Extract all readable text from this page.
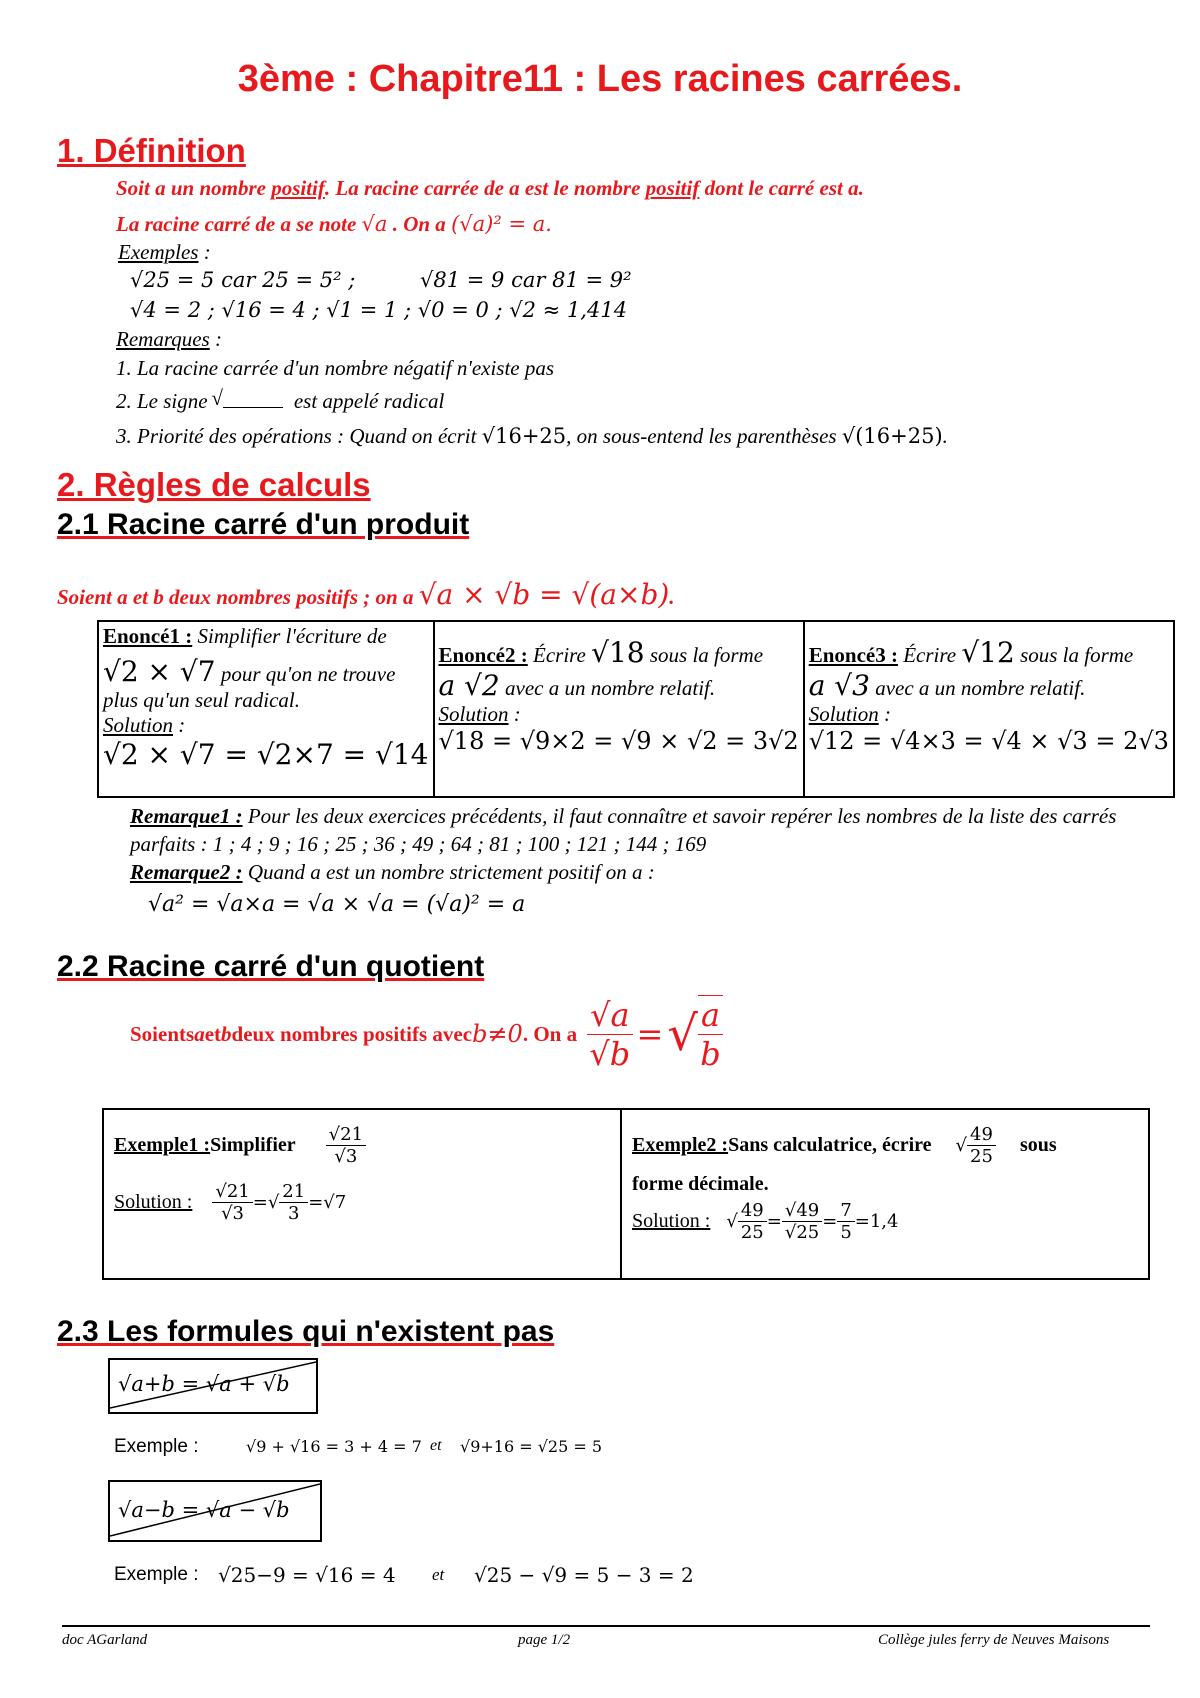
3ème : Chapitre11 : Les racines carrées.
1. Définition
Soit a un nombre positif. La racine carrée de a est le nombre positif dont le carré est a.
La racine carré de a se note √a . On a (√a)² = a.
Exemples :
√25 = 5 car 25 = 5² ;	√81 = 9 car 81 = 9²
√4 = 2 ; √16 = 4 ; √1 = 1 ; √0 = 0 ; √2 ≈ 1,414
Remarques :
1. La racine carrée d'un nombre négatif n'existe pas
2. Le signe √	est appelé radical
3. Priorité des opérations : Quand on écrit √16+25, on sous-entend les parenthèses √(16+25).
2. Règles de calculs
2.1 Racine carré d'un produit
Soient a et b deux nombres positifs ; on a √a × √b = √(a×b).
Enoncé1 : Simplifier l'écriture de
√2 × √7 pour qu'on ne trouve plus qu'un seul radical.
Solution :
√2 × √7 = √2×7 = √14

Enoncé2 : Écrire √18 sous la forme a √2 avec a un nombre relatif.
Solution :
√18 = √9×2 = √9 × √2 = 3√2

Enoncé3 : Écrire √12 sous la forme a √3 avec a un nombre relatif.
Solution :
√12 = √4×3 = √4 × √3 = 2√3
Remarque1 : Pour les deux exercices précédents, il faut connaître et savoir repérer les nombres de la liste des carrés parfaits : 1 ; 4 ; 9 ; 16 ; 25 ; 36 ; 49 ; 64 ; 81 ; 100 ; 121 ; 144 ; 169
Remarque2 : Quand a est un nombre strictement positif on a :
√a² = √a×a = √a × √a = (√a)² = a
2.2 Racine carré d'un quotient
Soients a et b deux nombres positifs avec b≠0 . On a $\frac{√a}{√b}$ = √ $\frac{a}{b}$
Exemple1 : Simplifier $\frac{√21}{√3}$
Solution : $\frac{√21}{√3}$ =√ $\frac{21}{3} =√7$

Exemple2 : Sans calculatrice, écrire √ $\frac{49}{25}$ sous
forme décimale.
Solution : √ $\frac{49}{25} = \frac{√49}{√25} = \frac{7}{5} = 1,4$
2.3 Les formules qui n'existent pas
√a+b = √a + √b
Exemple :	√9 + √16 = 3 + 4 = 7 et √9+16 = √25 = 5
√a−b = √a − √b
Exemple : √25−9 = √16 = 4 et √25 − √9 = 5 − 3 = 2
doc AGarland	page 1/2	Collège jules ferry de Neuves Maisons
